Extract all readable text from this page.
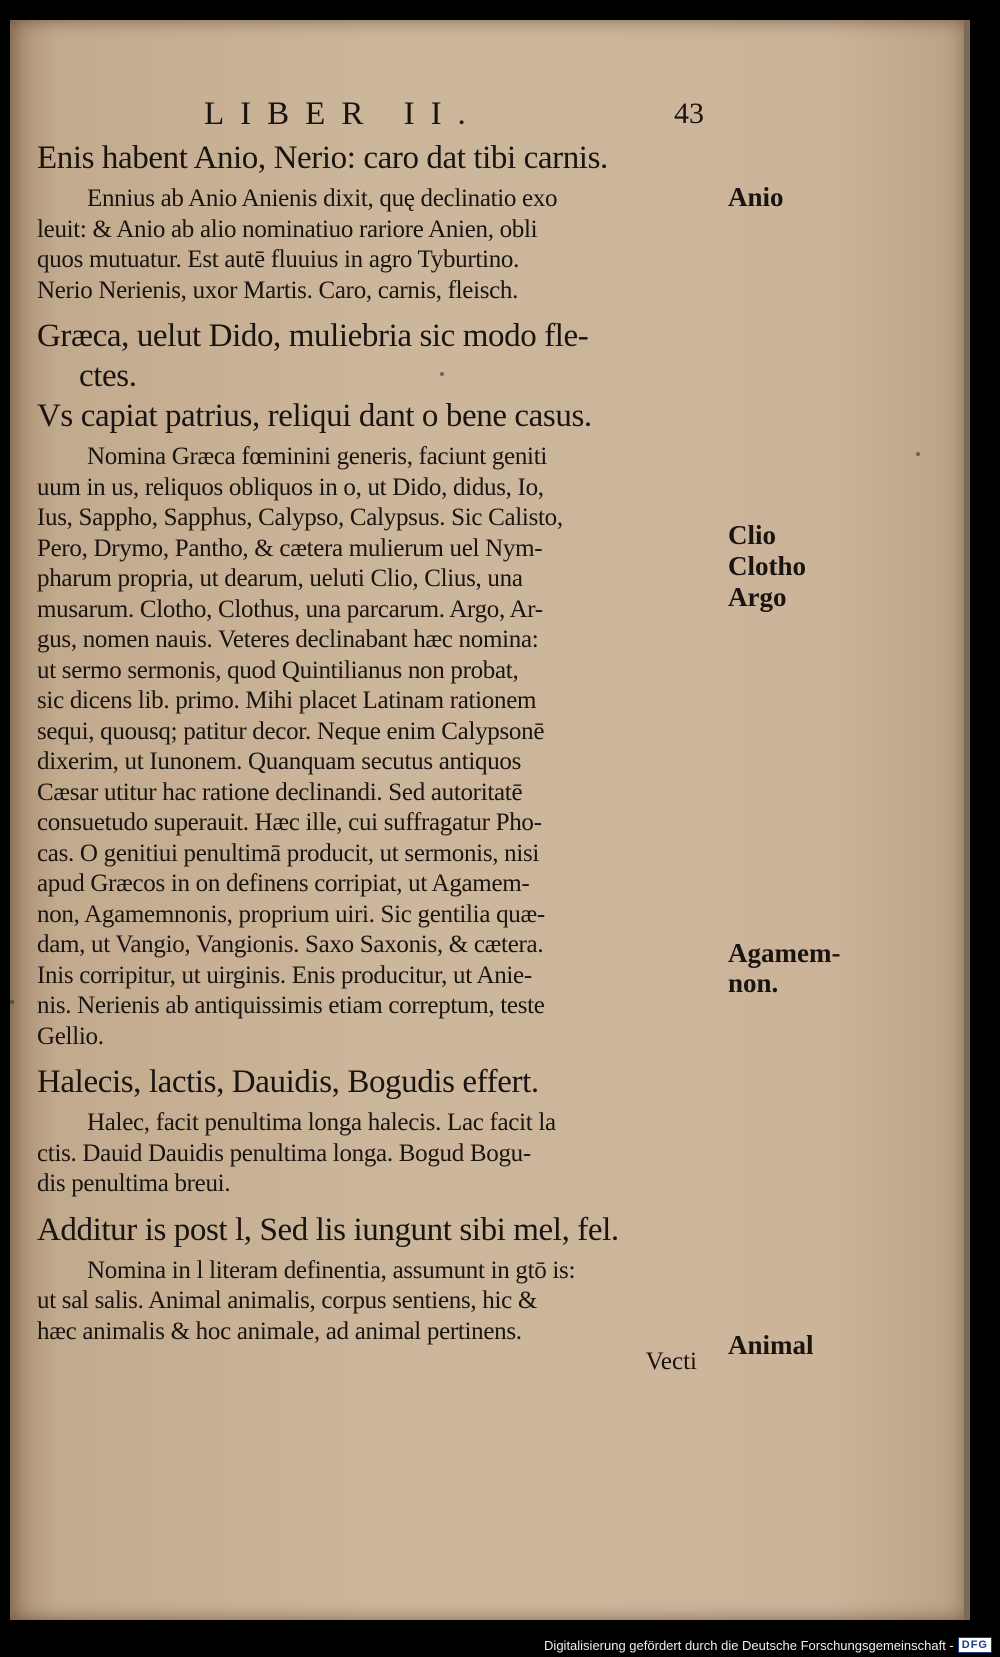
LIBER II.	43
Enis habent Anio, Nerio: caro dat tibi carnis.
Ennius ab Anio Anienis dixit, quę declinatio exo
leuit: & Anio ab alio nominatiuo rariore Anien, obli
quos mutuatur. Est autē fluuius in agro Tyburtino.
Nerio Nerienis, uxor Martis. Caro, carnis, fleisch.
Græca, uelut Dido, muliebria sic modo fle-
ctes.
Vs capiat patrius, reliqui dant o bene casus.
Nomina Græca fœminini generis, faciunt geniti
uum in us, reliquos obliquos in o, ut Dido, didus, Io,
Ius, Sappho, Sapphus, Calypso, Calypsus. Sic Calisto,
Pero, Drymo, Pantho, & cætera mulierum uel Nym-
pharum propria, ut dearum, ueluti Clio, Clius, una
musarum. Clotho, Clothus, una parcarum. Argo, Ar-
gus, nomen nauis. Veteres declinabant hæc nomina:
ut sermo sermonis, quod Quintilianus non probat,
sic dicens lib. primo. Mihi placet Latinam rationem
sequi, quousq; patitur decor. Neque enim Calypsonē
dixerim, ut Iunonem. Quanquam secutus antiquos
Cæsar utitur hac ratione declinandi. Sed autoritatē
consuetudo superauit. Hæc ille, cui suffragatur Pho-
cas. O genitiui penultimā producit, ut sermonis, nisi
apud Græcos in on definens corripiat, ut Agamem-
non, Agamemnonis, proprium uiri. Sic gentilia quæ-
dam, ut Vangio, Vangionis. Saxo Saxonis, & cætera.
Inis corripitur, ut uirginis. Enis producitur, ut Anie-
nis. Nerienis ab antiquissimis etiam correptum, teste
Gellio.
Halecis, lactis, Dauidis, Bogudis effert.
Halec, facit penultima longa halecis. Lac facit la
ctis. Dauid Dauidis penultima longa. Bogud Bogu-
dis penultima breui.
Additur is post l, Sed lis iungunt sibi mel, fel.
Nomina in l literam definentia, assumunt in gtō is:
ut sal salis. Animal animalis, corpus sentiens, hic &
hæc animalis & hoc animale, ad animal pertinens.
Vecti
Anio
Clio
Clotho
Argo
Agamem-
non.
Animal
Digitalisierung gefördert durch die Deutsche Forschungsgemeinschaft - DFG
